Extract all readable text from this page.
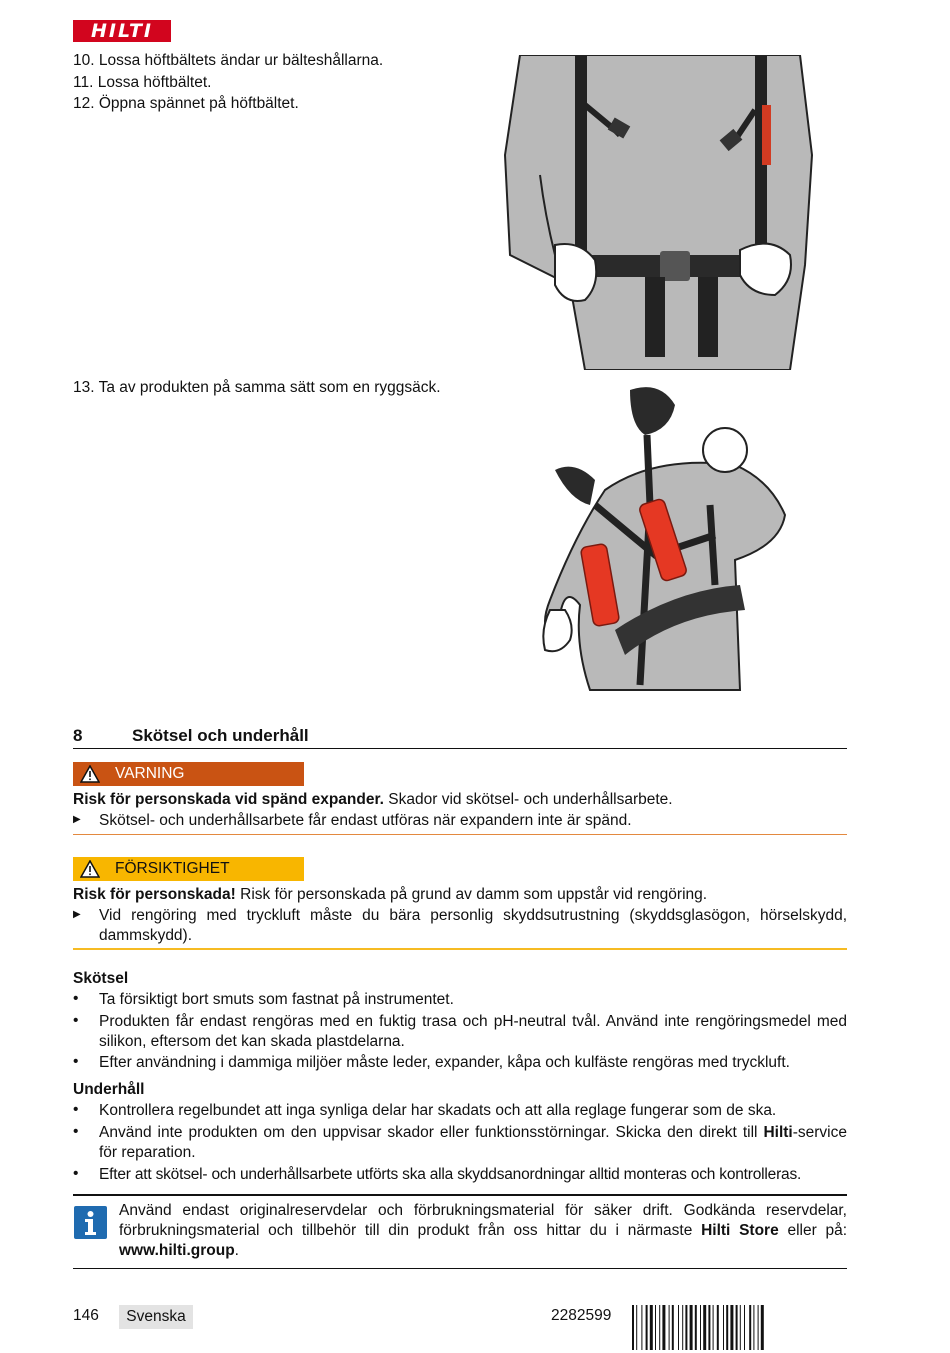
HILTI
10. Lossa höftbältets ändar ur bälteshållarna.
11. Lossa höftbältet.
12. Öppna spännet på höftbältet.
13. Ta av produkten på samma sätt som en ryggsäck.
8	Skötsel och underhåll
VARNING
Risk för personskada vid spänd expander. Skador vid skötsel- och underhållsarbete.
▶ Skötsel- och underhållsarbete får endast utföras när expandern inte är spänd.
FÖRSIKTIGHET
Risk för personskada! Risk för personskada på grund av damm som uppstår vid rengöring.
▶ Vid rengöring med tryckluft måste du bära personlig skyddsutrustning (skyddsglasögon, hörselskydd, dammskydd).
Skötsel
• Ta försiktigt bort smuts som fastnat på instrumentet.
• Produkten får endast rengöras med en fuktig trasa och pH-neutral tvål. Använd inte rengöringsmedel med silikon, eftersom det kan skada plastdelarna.
• Efter användning i dammiga miljöer måste leder, expander, kåpa och kulfäste rengöras med tryckluft.
Underhåll
• Kontrollera regelbundet att inga synliga delar har skadats och att alla reglage fungerar som de ska.
• Använd inte produkten om den uppvisar skador eller funktionsstörningar. Skicka den direkt till Hilti-service för reparation.
• Efter att skötsel- och underhållsarbete utförts ska alla skyddsanordningar alltid monteras och kontrolleras.
Använd endast originalreservdelar och förbrukningsmaterial för säker drift. Godkända reservdelar, förbrukningsmaterial och tillbehör till din produkt från oss hittar du i närmaste Hilti Store eller på: www.hilti.group.
146 Svenska	2282599
